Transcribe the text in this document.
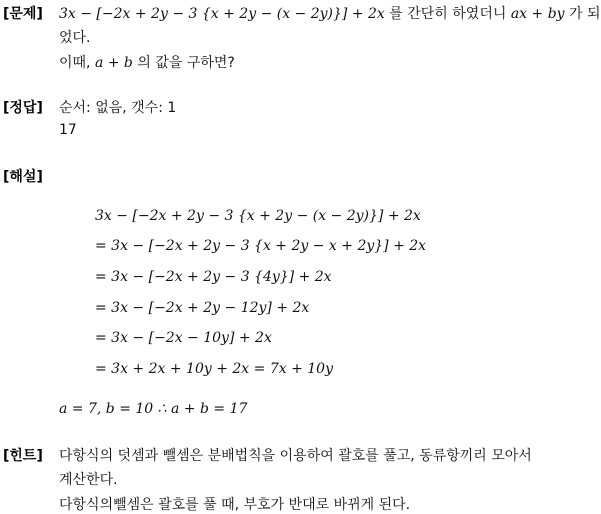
[문제] 3x − [−2x + 2y − 3 {x + 2y − (x − 2y)}] + 2x 를 간단히 하였더니 ax + by 가 되
었다.
이때, a + b 의 값을 구하면?
[정답] 순서: 없음, 갯수: 1
17
[해설]
3x − [−2x + 2y − 3 {x + 2y − (x − 2y)}] + 2x
= 3x − [−2x + 2y − 3 {x + 2y − x + 2y}] + 2x
= 3x − [−2x + 2y − 3 {4y}] + 2x
= 3x − [−2x + 2y − 12y] + 2x
= 3x − [−2x − 10y] + 2x
= 3x + 2x + 10y + 2x = 7x + 10y
a = 7, b = 10 ∴ a + b = 17
[힌트] 다항식의 덧셈과 뺄셈은 분배법칙을 이용하여 괄호를 풀고, 동류항끼리 모아서
계산한다.
다항식의뺄셈은 괄호를 풀 때, 부호가 반대로 바뀌게 된다.
